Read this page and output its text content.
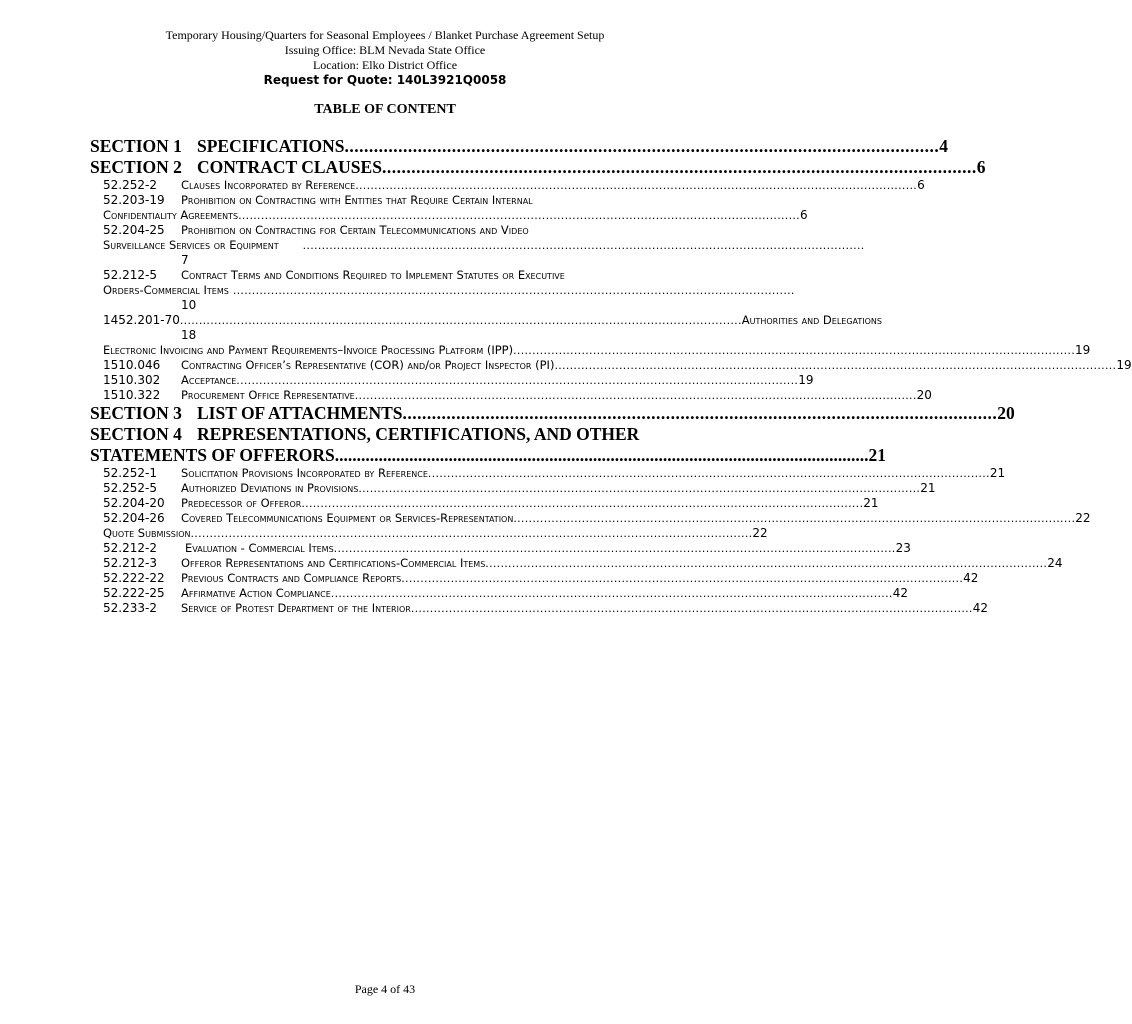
Temporary Housing/Quarters for Seasonal Employees / Blanket Purchase Agreement Setup
Issuing Office: BLM Nevada State Office
Location: Elko District Office
Request for Quote: 140L3921Q0058
TABLE OF CONTENT
SECTION 1 SPECIFICATIONS .......................................................................................................................... 4
SECTION 2 CONTRACT CLAUSES .......................................................................................................................... 6
52.252-2	Clauses Incorporated by Reference .................................................................................................................................................... 6
52.203-19	Prohibition on Contracting with Entities that Require Certain Internal
Confidentiality Agreements .................................................................................................................................................... 6
52.204-25	Prohibition on Contracting for Certain Telecommunications and Video
Surveillance Services or Equipment ....................................................................................................................................................
7
52.212-5	Contract Terms and Conditions Required to Implement Statutes or Executive
Orders-Commercial Items ....................................................................................................................................................
10
1452.201-70 .................................................................................................................................................... Authorities and Delegations
18
Electronic Invoicing and Payment Requirements–Invoice Processing Platform (IPP) .................................................................................................................................................... 19
1510.046	Contracting Officer’s Representative (COR) and/or Project Inspector (PI) .................................................................................................................................................... 19
1510.302	Acceptance .................................................................................................................................................... 19
1510.322	Procurement Office Representative .................................................................................................................................................... 20
SECTION 3 LIST OF ATTACHMENTS .......................................................................................................................... 20
SECTION 4 REPRESENTATIONS, CERTIFICATIONS, AND OTHER
STATEMENTS OF OFFERORS .......................................................................................................................... 21
52.252-1	Solicitation Provisions Incorporated by Reference .................................................................................................................................................... 21
52.252-5	Authorized Deviations in Provisions .................................................................................................................................................... 21
52.204-20	Predecessor of Offeror .................................................................................................................................................... 21
52.204-26	Covered Telecommunications Equipment or Services-Representation .................................................................................................................................................... 22
Quote Submission .................................................................................................................................................... 22
52.212-2	Evaluation - Commercial Items .................................................................................................................................................... 23
52.212-3	Offeror Representations and Certifications-Commercial Items .................................................................................................................................................... 24
52.222-22	Previous Contracts and Compliance Reports .................................................................................................................................................... 42
52.222-25	Affirmative Action Compliance .................................................................................................................................................... 42
52.233-2	Service of Protest Department of the Interior .................................................................................................................................................... 42
Page 4 of 43
